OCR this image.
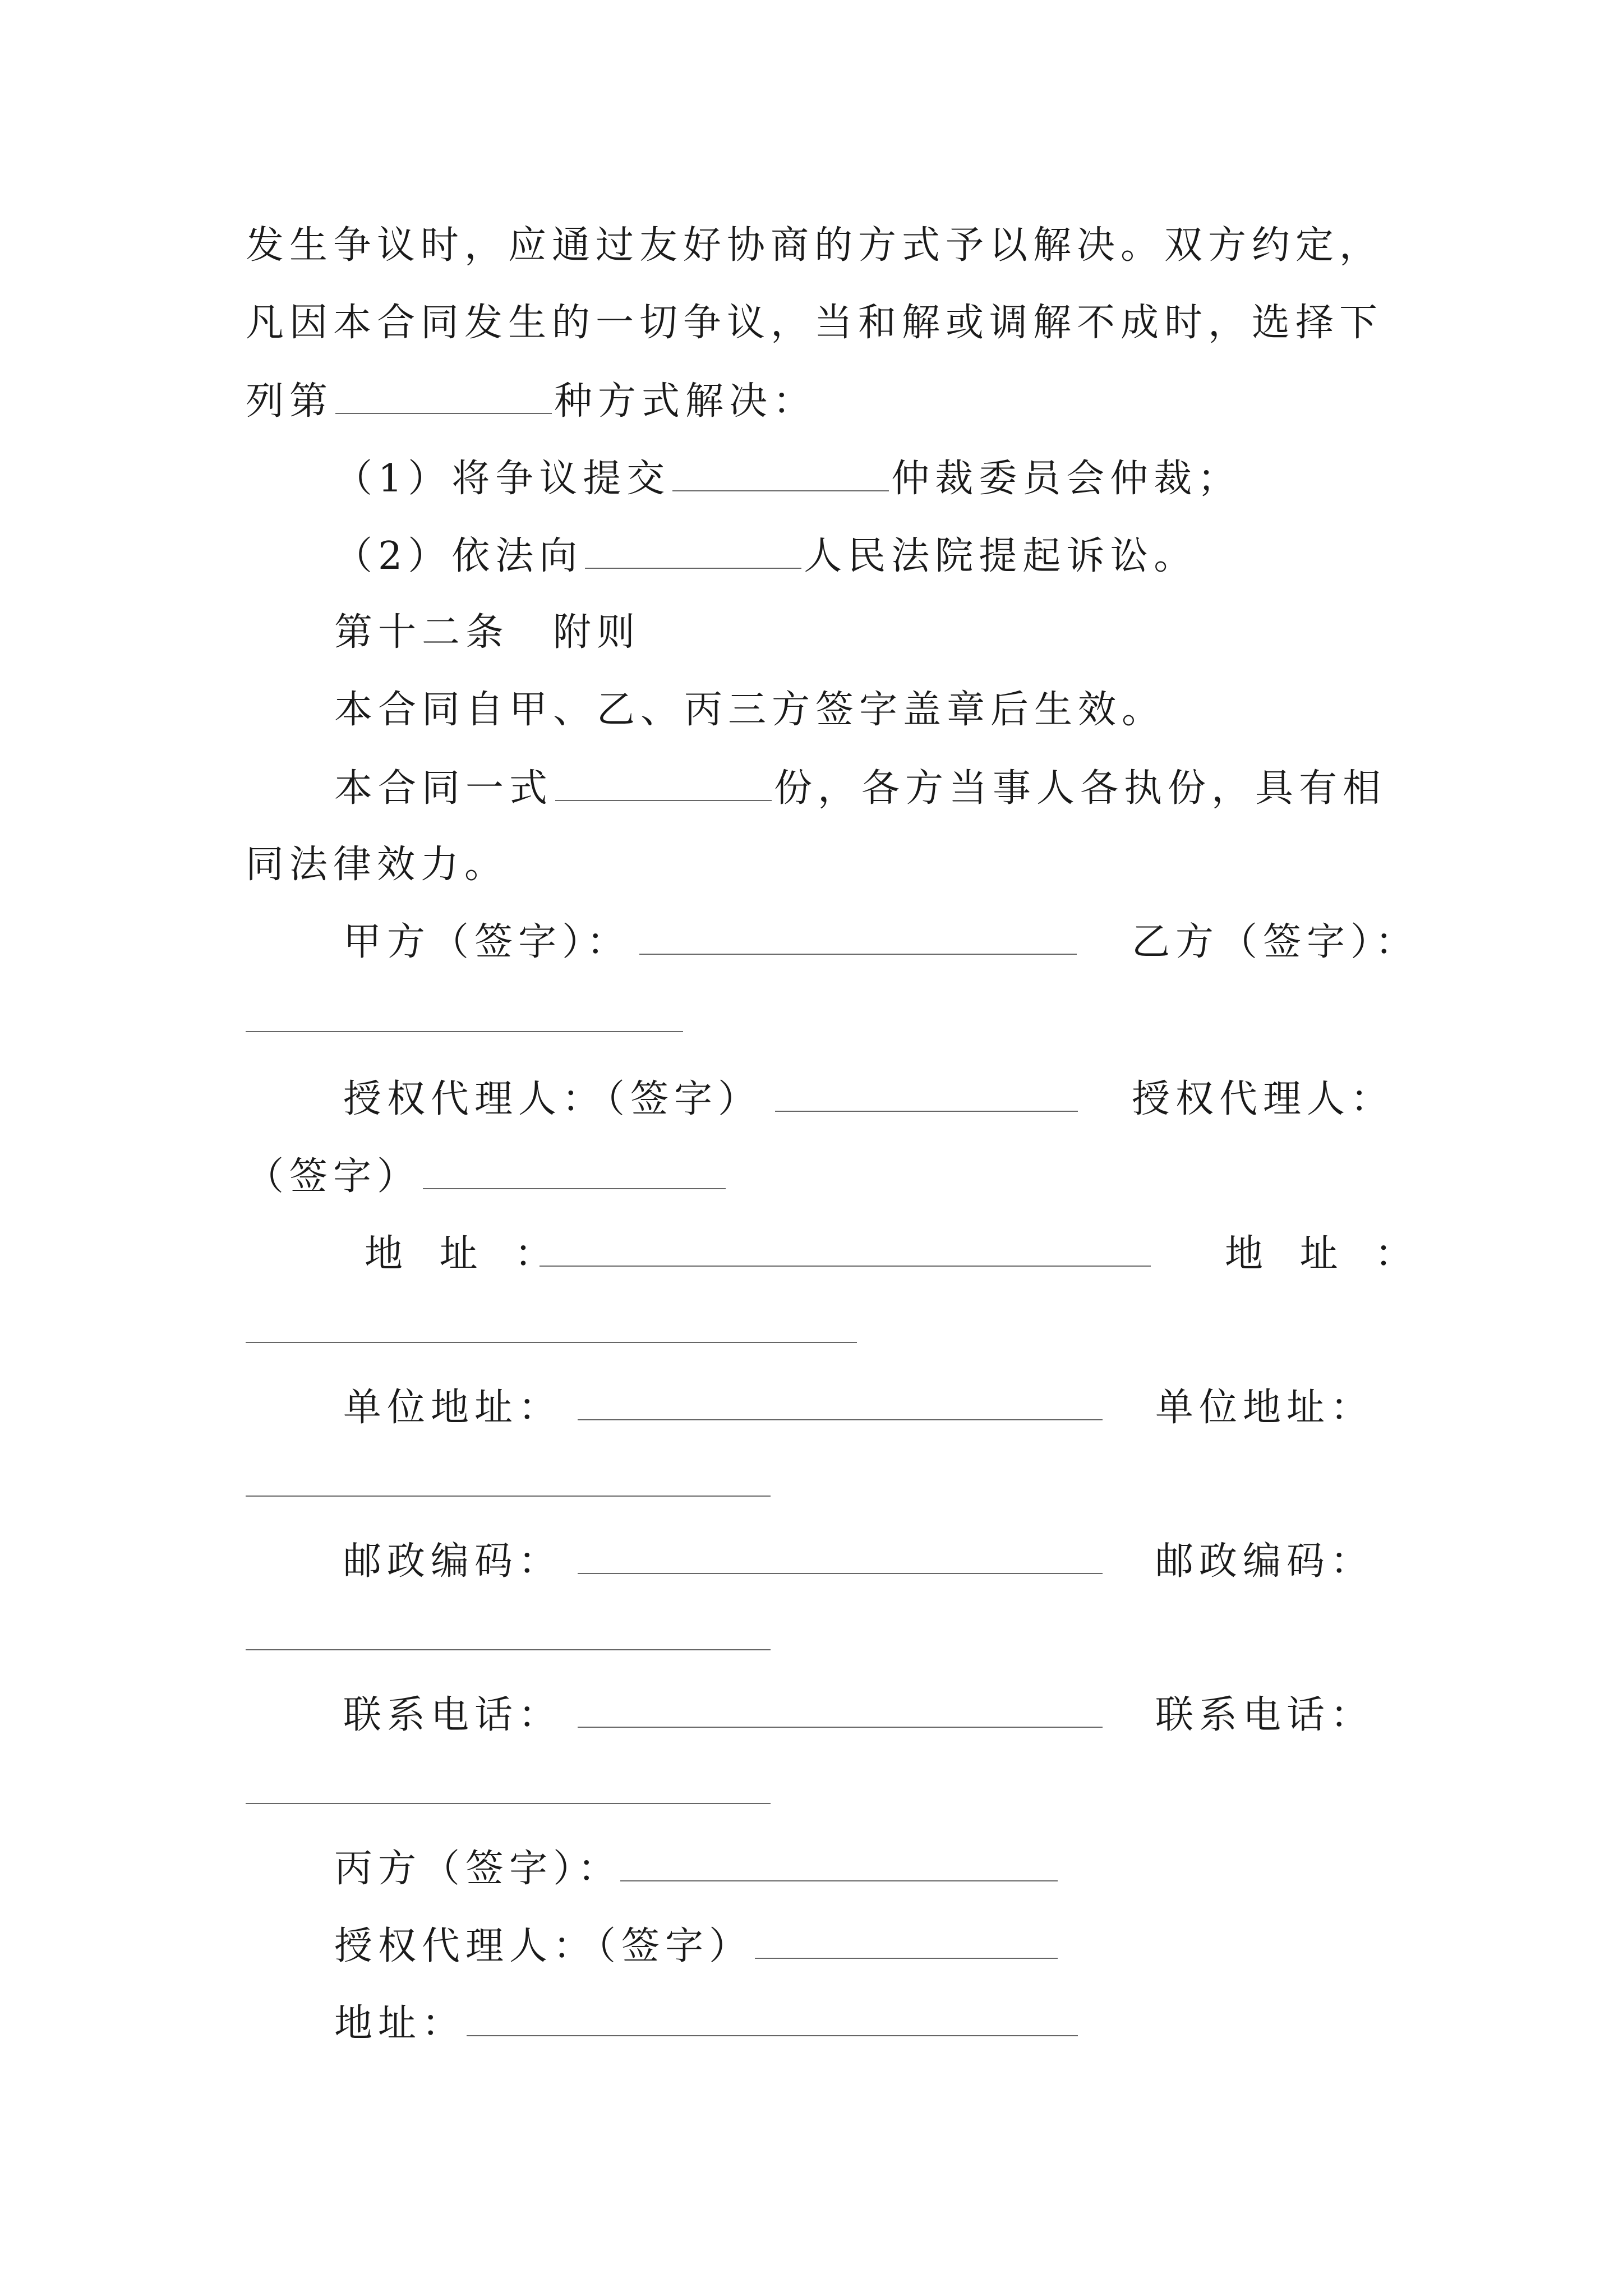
发生争议时，应通过友好协商的方式予以解决。双方约定，
凡因本合同发生的一切争议，当和解或调解不成时，选择下
列第	种方式解决：
（1）将争议提交	仲裁委员会仲裁；
（2）依法向	人民法院提起诉讼。
第十二条　附则
本合同自甲、乙、丙三方签字盖章后生效。
本合同一式	份，各方当事人各执份，具有相
同法律效力。
甲方（签字）：	乙方（签字）：
授权代理人：（签字）	授权代理人：
（签字）
地 址 ：	地 址 ：
单位地址：	单位地址：
邮政编码：	邮政编码：
联系电话：	联系电话：
丙方（签字）：
授权代理人：（签字）
地址：
